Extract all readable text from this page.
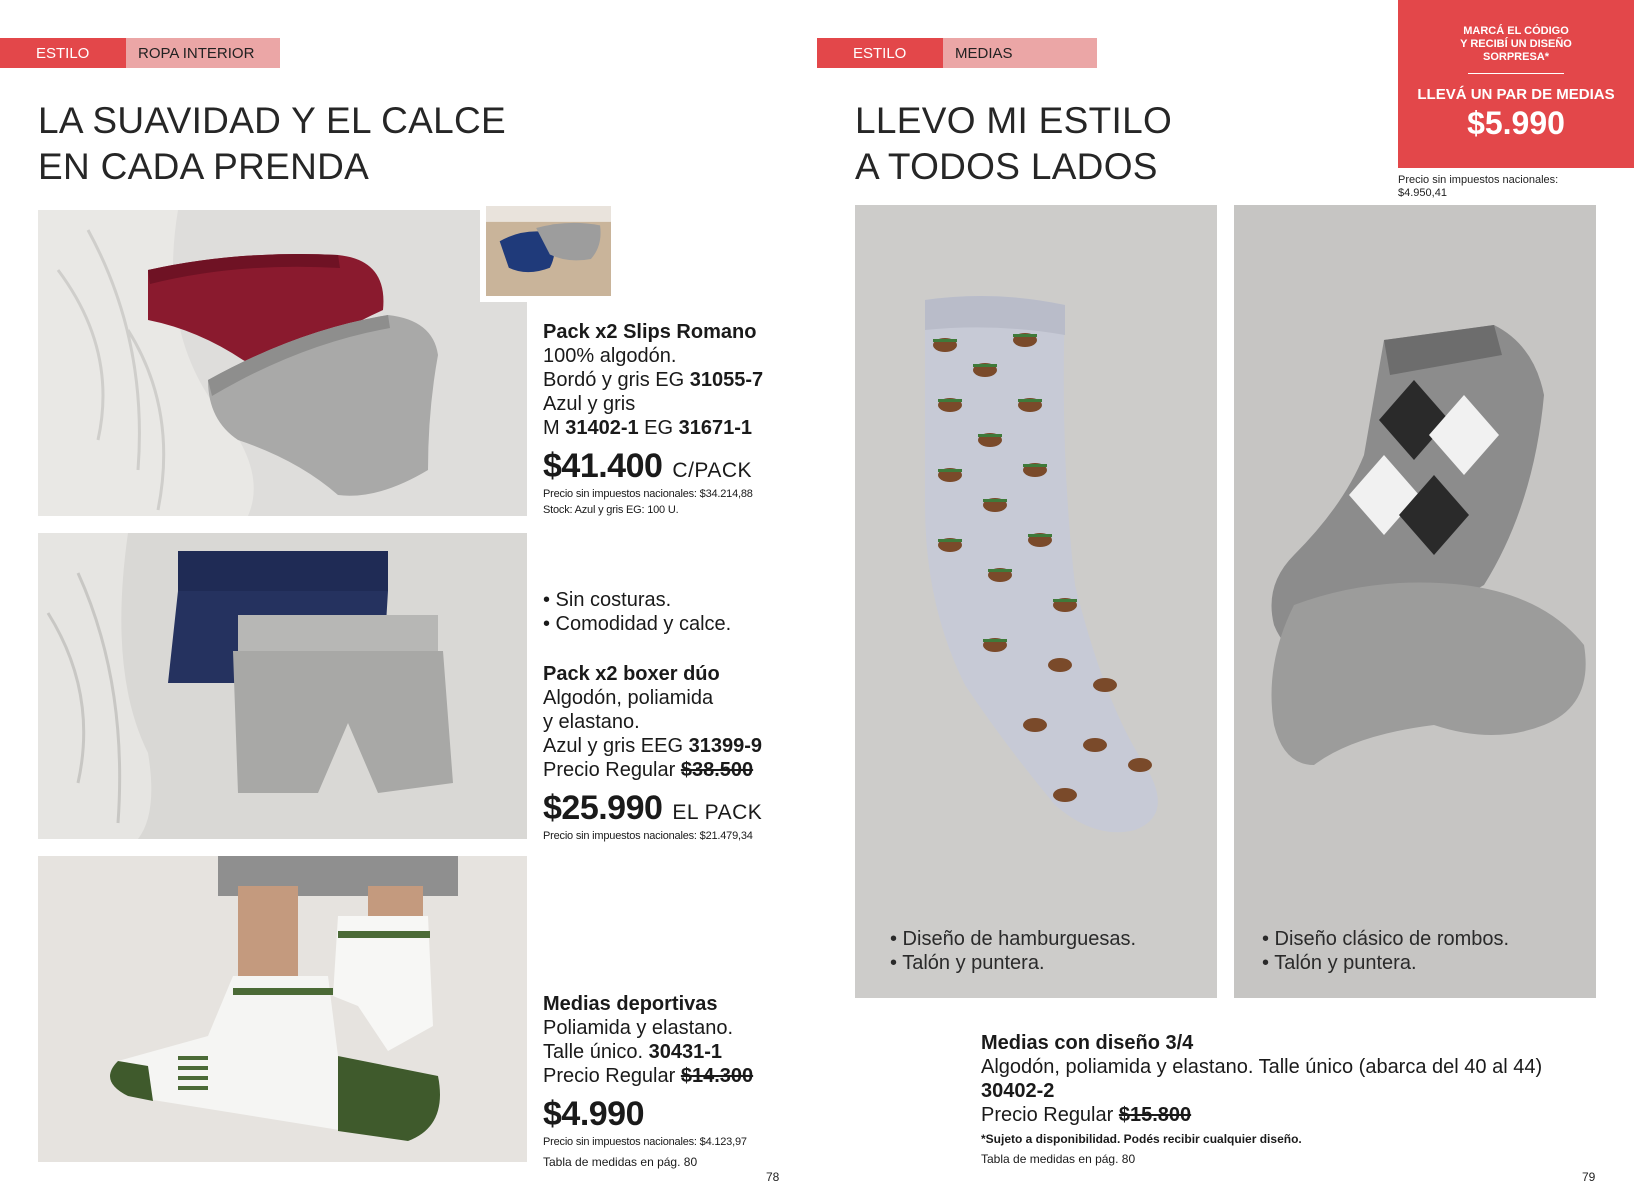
ESTILO	ROPA INTERIOR
LA SUAVIDAD Y EL CALCE
EN CADA PRENDA
Pack x2 Slips Romano
100% algodón.
Bordó y gris EG 31055-7
Azul y gris
M 31402-1 EG 31671-1
$41.400 C/PACK
Precio sin impuestos nacionales: $34.214,88
Stock: Azul y gris EG: 100 U.
• Sin costuras.
• Comodidad y calce.
Pack x2 boxer dúo
Algodón, poliamida
y elastano.
Azul y gris EEG 31399-9
Precio Regular $38.500
$25.990 EL PACK
Precio sin impuestos nacionales: $21.479,34
Medias deportivas
Poliamida y elastano.
Talle único. 30431-1
Precio Regular $14.300
$4.990
Precio sin impuestos nacionales: $4.123,97
Tabla de medidas en pág. 80
78
ESTILO	MEDIAS
LLEVO MI ESTILO
A TODOS LADOS
MARCÁ EL CÓDIGO
Y RECIBÍ UN DISEÑO
SORPRESA*
LLEVÁ UN PAR DE MEDIAS
$5.990
Precio sin impuestos nacionales:
$4.950,41
• Diseño de hamburguesas.
• Talón y puntera.
• Diseño clásico de rombos.
• Talón y puntera.
Medias con diseño 3/4
Algodón, poliamida y elastano. Talle único (abarca del 40 al 44)
30402-2
Precio Regular $15.800
*Sujeto a disponibilidad. Podés recibir cualquier diseño.
Tabla de medidas en pág. 80
79
